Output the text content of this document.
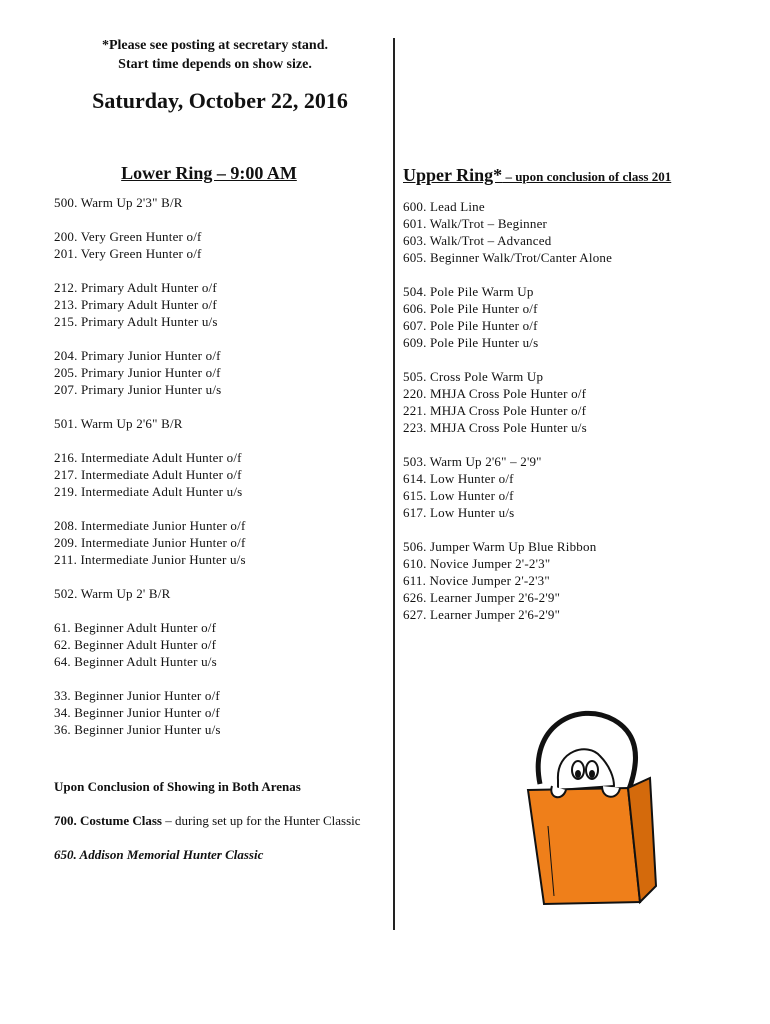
*Please see posting at secretary stand.
Start time depends on show size.
Saturday, October 22, 2016
Lower Ring – 9:00 AM
500. Warm Up 2'3" B/R
200. Very Green Hunter o/f
201. Very Green Hunter o/f
212. Primary Adult Hunter o/f
213. Primary Adult Hunter o/f
215. Primary Adult Hunter u/s
204. Primary Junior Hunter o/f
205. Primary Junior Hunter o/f
207. Primary Junior Hunter u/s
501. Warm Up 2'6" B/R
216. Intermediate Adult Hunter o/f
217. Intermediate Adult Hunter o/f
219. Intermediate Adult Hunter u/s
208. Intermediate Junior Hunter o/f
209. Intermediate Junior Hunter o/f
211. Intermediate Junior Hunter u/s
502. Warm Up 2' B/R
61. Beginner Adult Hunter o/f
62. Beginner Adult Hunter o/f
64. Beginner Adult Hunter u/s
33. Beginner Junior Hunter o/f
34. Beginner Junior Hunter o/f
36. Beginner Junior Hunter u/s
Upper Ring* – upon conclusion of class 201
600. Lead Line
601. Walk/Trot – Beginner
603. Walk/Trot – Advanced
605. Beginner Walk/Trot/Canter Alone
504. Pole Pile Warm Up
606. Pole Pile Hunter o/f
607. Pole Pile Hunter o/f
609. Pole Pile Hunter u/s
505. Cross Pole Warm Up
220. MHJA Cross Pole Hunter o/f
221. MHJA Cross Pole Hunter o/f
223. MHJA Cross Pole Hunter u/s
503. Warm Up 2'6" – 2'9"
614. Low Hunter o/f
615. Low Hunter o/f
617. Low Hunter u/s
506. Jumper Warm Up Blue Ribbon
610. Novice Jumper 2'-2'3"
611. Novice Jumper 2'-2'3"
626. Learner Jumper 2'6-2'9"
627. Learner Jumper 2'6-2'9"
Upon Conclusion of Showing in Both Arenas
700. Costume Class – during set up for the Hunter Classic
650. Addison Memorial Hunter Classic
